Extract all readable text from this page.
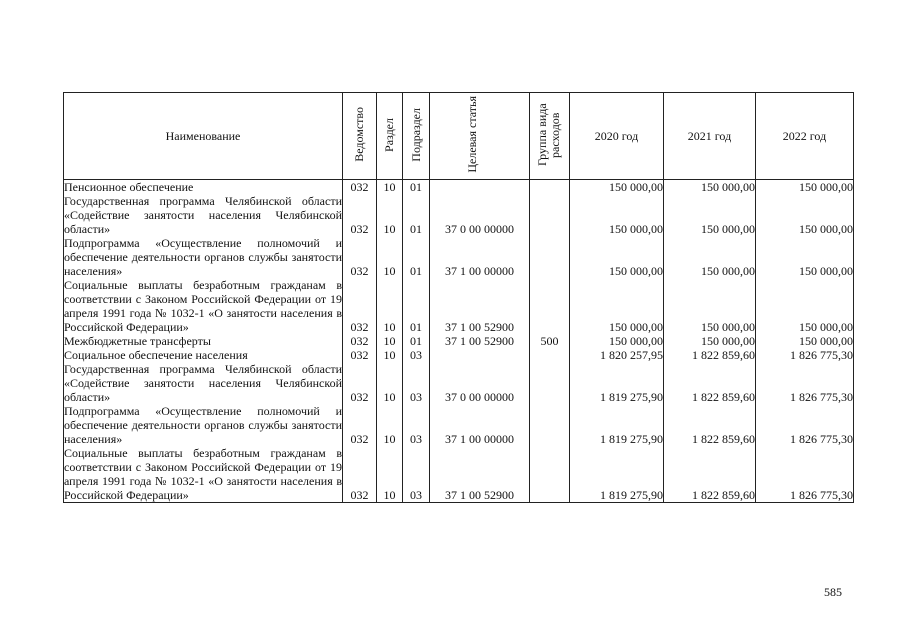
Наименование	Ведомство	Раздел	Подраздел	Целевая статья	Группа вида расходов	2020 год	2021 год	2022 год
Пенсионное обеспечение	032	10	01			150 000,00	150 000,00	150 000,00
Государственная программа Челябинской области «Содействие занятости населения Челябинской области»	032	10	01	37 0 00 00000		150 000,00	150 000,00	150 000,00
Подпрограмма «Осуществление полномочий и обеспечение деятельности органов службы занятости населения»	032	10	01	37 1 00 00000		150 000,00	150 000,00	150 000,00
Социальные выплаты безработным гражданам в соответствии с Законом Российской Федерации от 19 апреля 1991 года № 1032-1 «О занятости населения в Российской Федерации»	032	10	01	37 1 00 52900		150 000,00	150 000,00	150 000,00
Межбюджетные трансферты	032	10	01	37 1 00 52900	500	150 000,00	150 000,00	150 000,00
Социальное обеспечение населения	032	10	03			1 820 257,95	1 822 859,60	1 826 775,30
Государственная программа Челябинской области «Содействие занятости населения Челябинской области»	032	10	03	37 0 00 00000		1 819 275,90	1 822 859,60	1 826 775,30
Подпрограмма «Осуществление полномочий и обеспечение деятельности органов службы занятости населения»	032	10	03	37 1 00 00000		1 819 275,90	1 822 859,60	1 826 775,30
Социальные выплаты безработным гражданам в соответствии с Законом Российской Федерации от 19 апреля 1991 года № 1032-1 «О занятости населения в Российской Федерации»	032	10	03	37 1 00 52900		1 819 275,90	1 822 859,60	1 826 775,30
585
